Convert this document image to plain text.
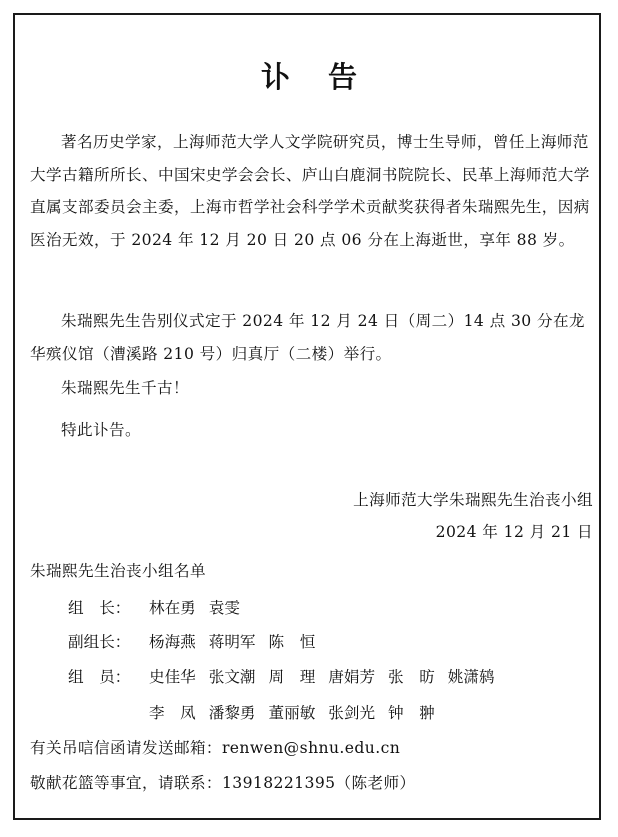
讣 告

著名历史学家，上海师范大学人文学院研究员，博士生导师，曾任上海师范大学古籍所所长、中国宋史学会会长、庐山白鹿洞书院院长、民革上海师范大学直属支部委员会主委，上海市哲学社会科学学术贡献奖获得者朱瑞熙先生，因病医治无效，于 2024 年 12 月 20 日 20 点 06 分在上海逝世，享年 88 岁。

朱瑞熙先生告别仪式定于 2024 年 12 月 24 日（周二）14 点 30 分在龙华殡仪馆（漕溪路 210 号）归真厅（二楼）举行。

朱瑞熙先生千古！
特此讣告。
上海师范大学朱瑞熙先生治丧小组
2024 年 12 月 21 日
朱瑞熙先生治丧小组名单
组　长： 林在勇 袁雯
副组长： 杨海燕 蒋明军 陈　恒
组　员： 史佳华 张文潮 周　理 唐娟芳 张　昉 姚潇鸫
李　凤 潘黎勇 董丽敏 张剑光 钟　翀
有关吊唁信函请发送邮箱：renwen@shnu.edu.cn
敬献花篮等事宜，请联系：13918221395（陈老师）
